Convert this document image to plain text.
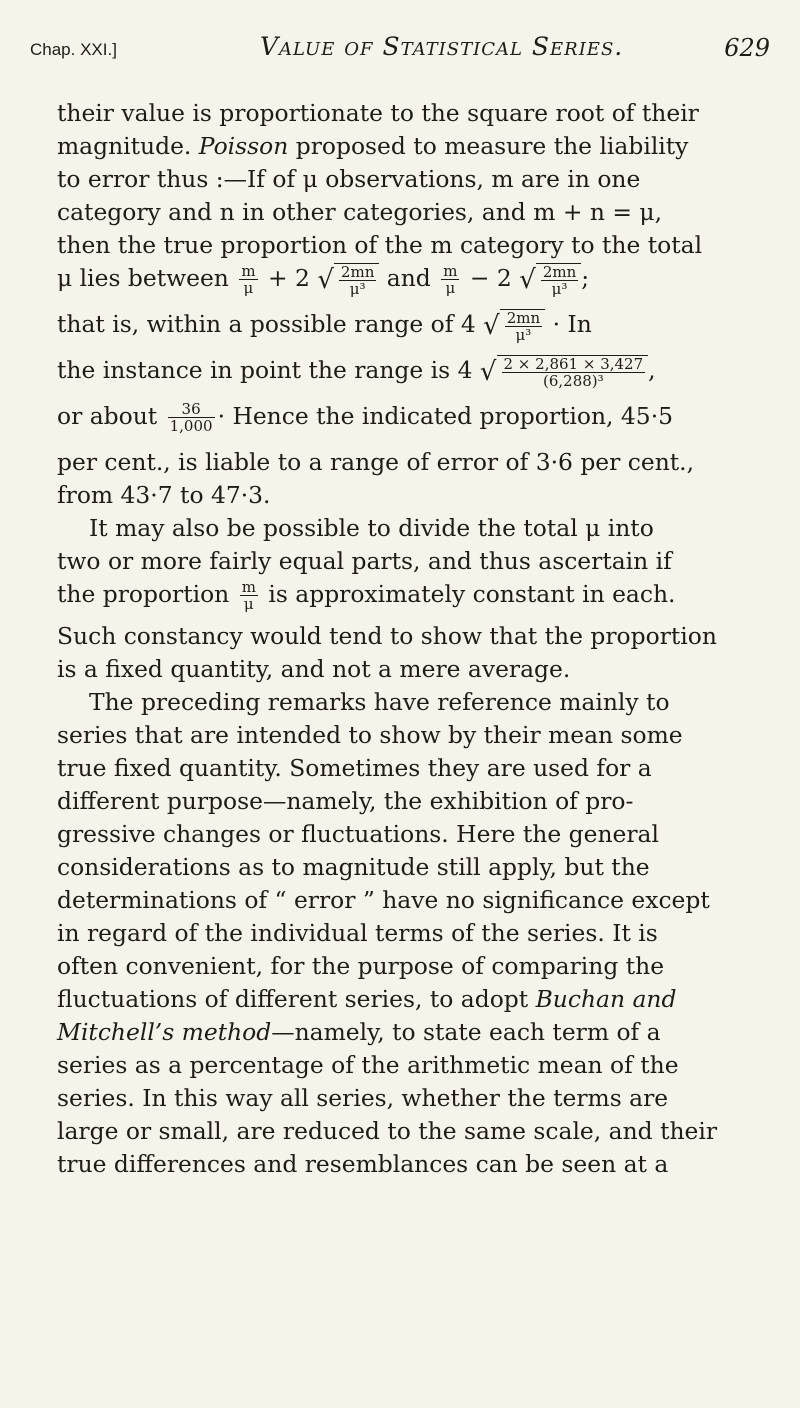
Chap. XXI.]	Value of Statistical Series.	629

their value is proportionate to the square root of their
magnitude. Poisson proposed to measure the liability
to error thus :—If of μ observations, m are in one
category and n in other categories, and m + n = μ,
then the true proportion of the m category to the total
μ lies between $\frac{m}{\mu} + 2$ √ $\frac{2mn}{\text{μ³}}$ and $\frac{m}{\mu} - 2$ √ $\frac{2mn}{\text{μ³}}$ ;
that is, within a possible range of 4 √ $\frac{2mn}{\text{μ³}} \cdot In$
the instance in point the range is 4 √ $\frac{2 \times 2,861 \times 3,427}{\text{(6,288)³}}$ ,
or about $\frac{36}{1,000}$ · Hence the indicated proportion, 45·5
per cent., is liable to a range of error of 3·6 per cent.,
from 43·7 to 47·3.

It may also be possible to divide the total μ into
two or more fairly equal parts, and thus ascertain if
the proportion $\frac{m}{\mu}$ is approximately constant in each.
Such constancy would tend to show that the proportion
is a fixed quantity, and not a mere average.

The preceding remarks have reference mainly to
series that are intended to show by their mean some
true fixed quantity. Sometimes they are used for a
different purpose—namely, the exhibition of pro-
gressive changes or fluctuations. Here the general
considerations as to magnitude still apply, but the
determinations of “ error ” have no significance except
in regard of the individual terms of the series. It is
often convenient, for the purpose of comparing the
fluctuations of different series, to adopt Buchan and
Mitchell’s method—namely, to state each term of a
series as a percentage of the arithmetic mean of the
series. In this way all series, whether the terms are
large or small, are reduced to the same scale, and their
true differences and resemblances can be seen at a
